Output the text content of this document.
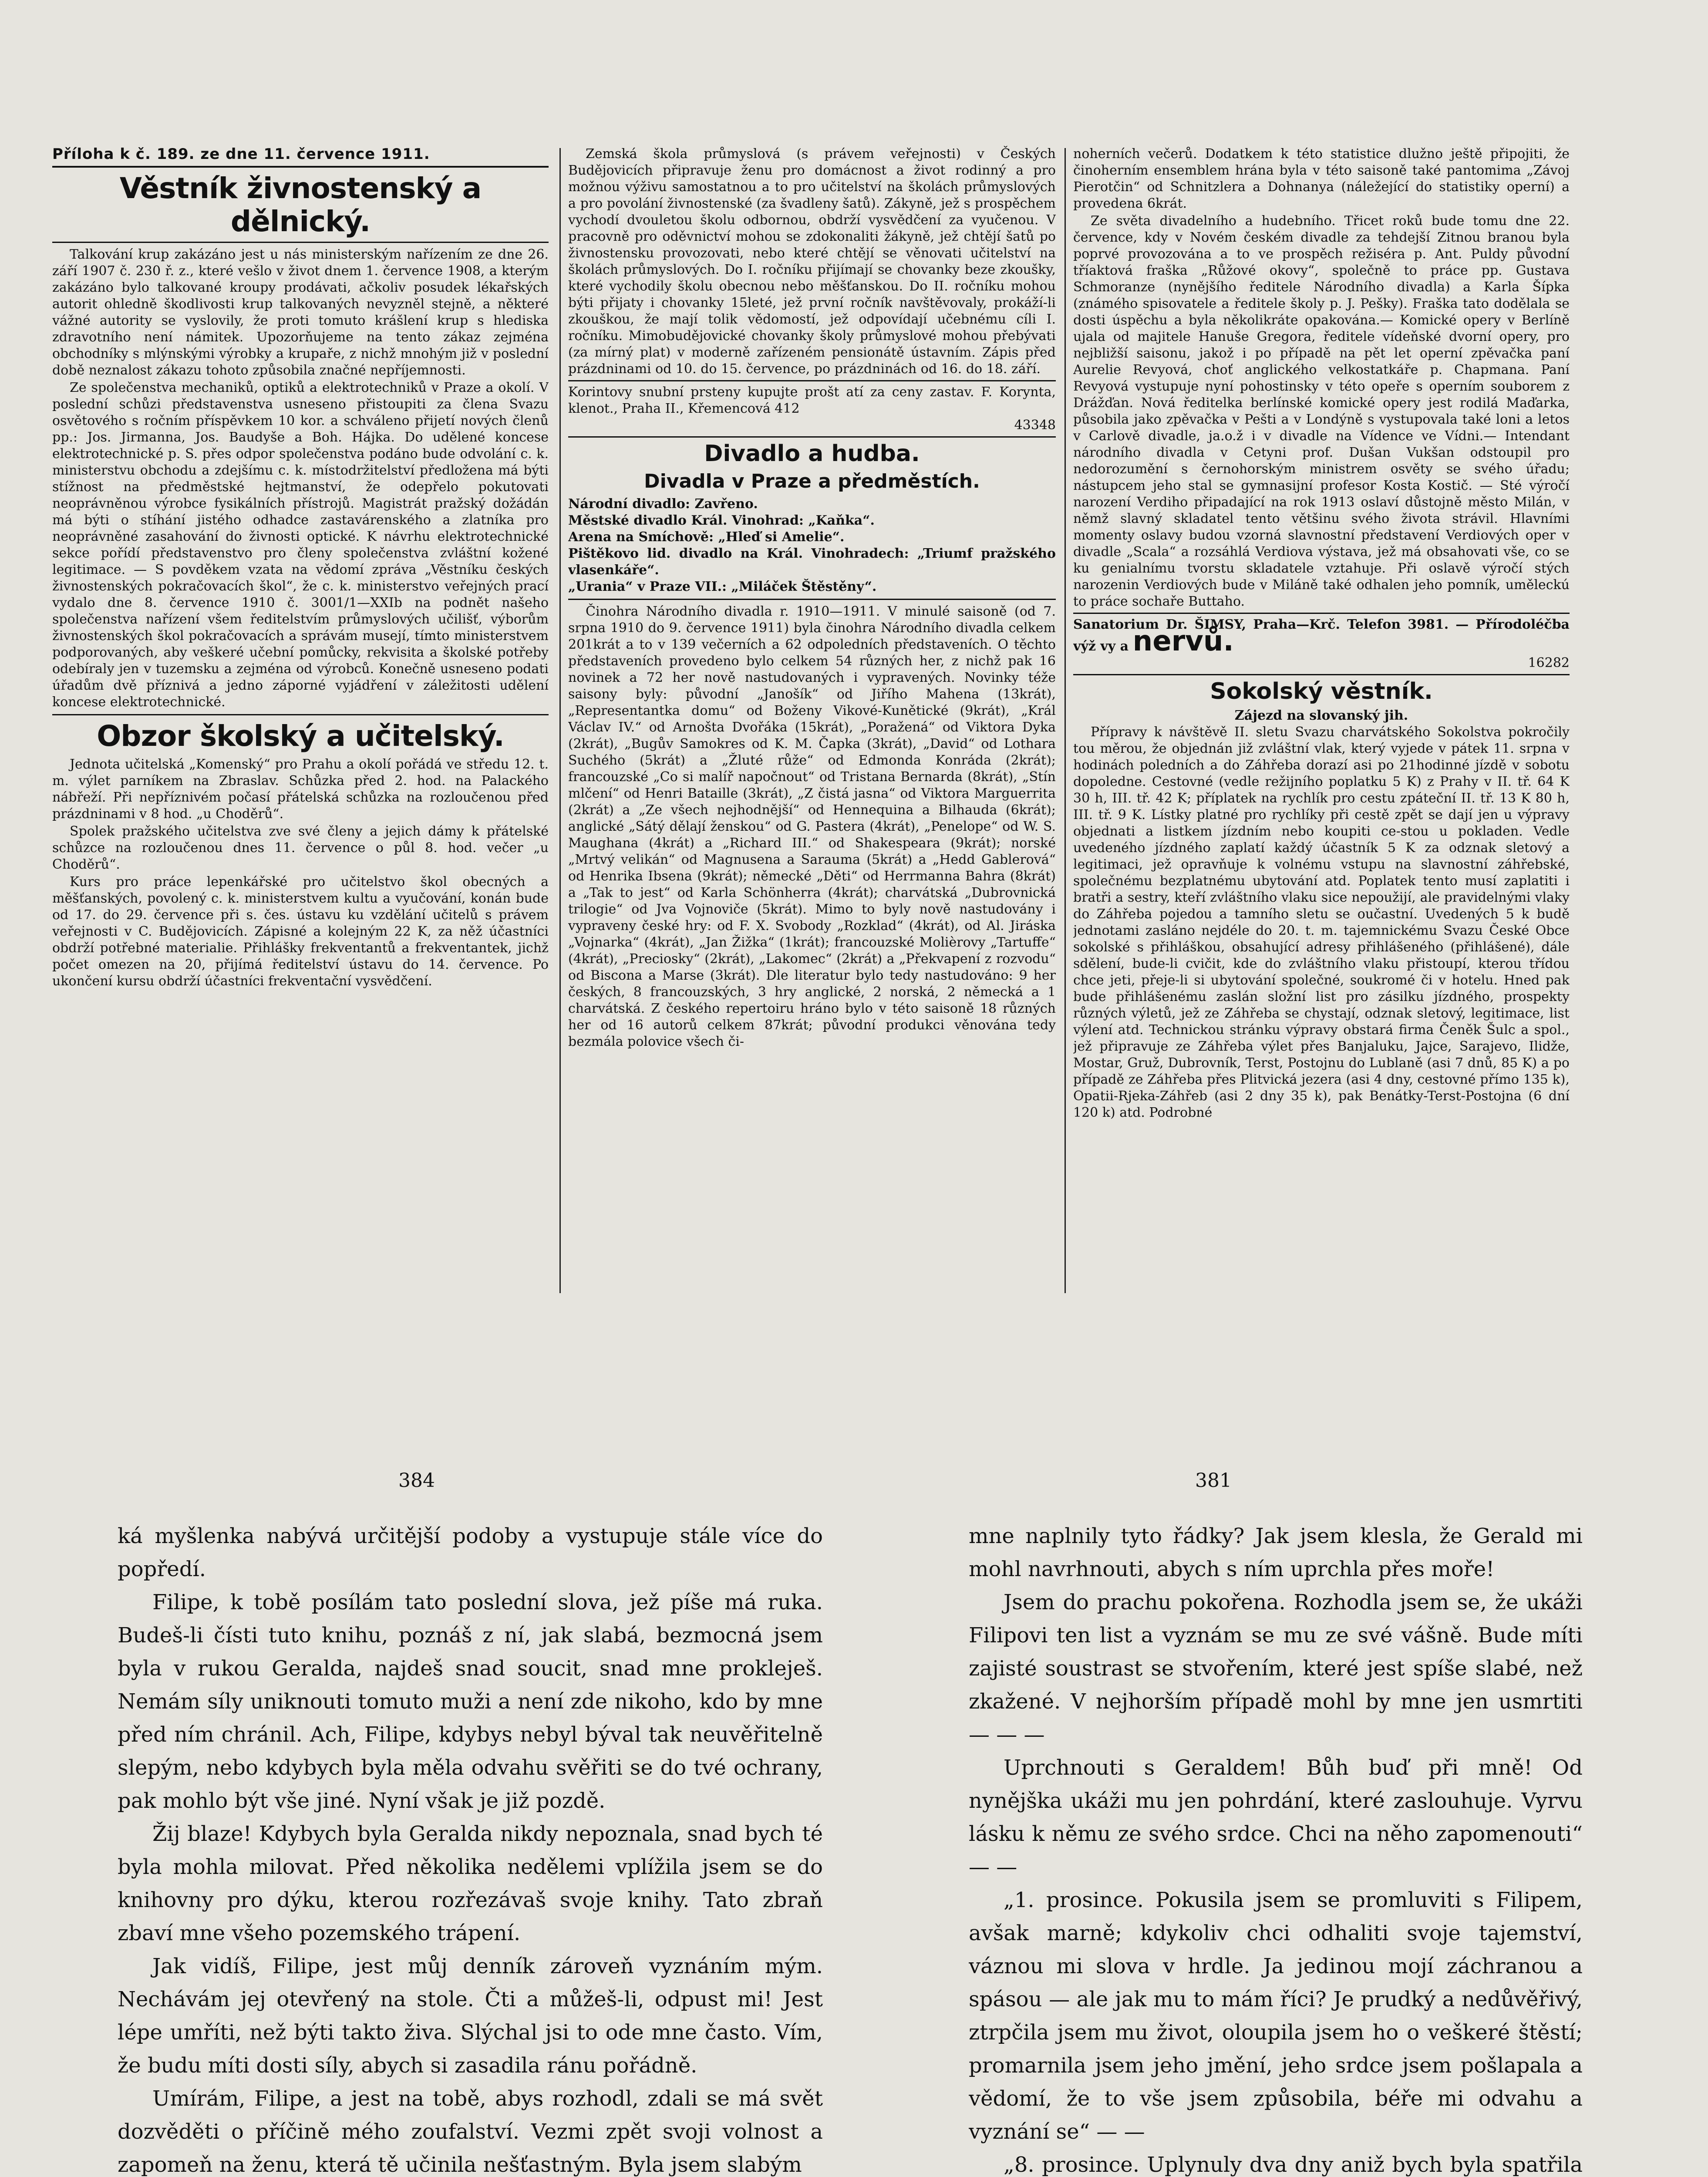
Příloha k č. 189. ze dne 11. července 1911.
Věstník živnostenský a dělnický.

Talkování krup zakázáno jest u nás ministerským nařízením ze dne 26. září 1907 č. 230 ř. z., které vešlo v život dnem 1. července 1908, a kterým zakázáno bylo talkované kroupy prodávati, ačkoliv posudek lékařských autorit ohledně škodlivosti krup talkovaných nevyzněl stejně, a některé vážné autority se vyslovily, že proti tomuto krášlení krup s hlediska zdravotního není námitek. Upozorňujeme na tento zákaz zejména obchodníky s mlýnskými výrobky a krupaře, z nichž mnohým již v poslední době neznalost zákazu tohoto způsobila značné nepříjemnosti.

Ze společenstva mechaniků, optiků a elektrotechniků v Praze a okolí. V poslední schůzi představenstva usneseno přistoupiti za člena Svazu osvětového s ročním příspěvkem 10 kor. a schváleno přijetí nových členů pp.: Jos. Jirmanna, Jos. Baudyše a Boh. Hájka. Do udělené koncese elektrotechnické p. S. přes odpor společenstva podáno bude odvolání c. k. ministerstvu obchodu a zdejšímu c. k. místodržitelství předložena má býti stížnost na předměstské hejtmanství, že odepřelo pokutovati neoprávněnou výrobce fysikálních přístrojů. Magistrát pražský dožádán má býti o stíhání jistého odhadce zastavárenského a zlatníka pro neoprávněné zasahování do živnosti optické. K návrhu elektrotechnické sekce pořídí představenstvo pro členy společenstva zvláštní kožené legitimace. — S povděkem vzata na vědomí zpráva „Věstníku českých živnostenských pokračovacích škol“, že c. k. ministerstvo veřejných prací vydalo dne 8. července 1910 č. 3001/1—XXIb na podnět našeho společenstva nařízení všem ředitelstvím průmyslových učilišť, výborům živnostenských škol pokračovacích a správám musejí, tímto ministerstvem podporovaných, aby veškeré učební pomůcky, rekvisita a školské potřeby odebíraly jen v tuzemsku a zejména od výrobců. Konečně usneseno podati úřadům dvě příznivá a jedno záporné vyjádření v záležitosti udělení koncese elektrotechnické.

Obzor školský a učitelský.

Jednota učitelská „Komenský“ pro Prahu a okolí pořádá ve středu 12. t. m. výlet parníkem na Zbraslav. Schůzka před 2. hod. na Palackého nábřeží. Při nepříznivém počasí přátelská schůzka na rozloučenou před prázdninami v 8 hod. „u Choděrů“.

Spolek pražského učitelstva zve své členy a jejich dámy k přátelské schůzce na rozloučenou dnes 11. července o půl 8. hod. večer „u Choděrů“.

Kurs pro práce lepenkářské pro učitelstvo škol obecných a měšťanských, povolený c. k. ministerstvem kultu a vyučování, konán bude od 17. do 29. července při s. čes. ústavu ku vzdělání učitelů s právem veřejnosti v C. Budějovicích. Zápisné a kolejným 22 K, za něž účastníci obdrží potřebné materialie. Přihlášky frekventantů a frekventantek, jichž počet omezen na 20, přijímá ředitelství ústavu do 14. července. Po ukončení kursu obdrží účastníci frekventační vysvědčení.

Zemská škola průmyslová (s právem veřejnosti) v Českých Budějovicích připravuje ženu pro domácnost a život rodinný a pro možnou výživu samostatnou a to pro učitelství na školách průmyslových a pro povolání živnostenské (za švadleny šatů). Zákyně, jež s prospěchem vychodí dvouletou školu odbornou, obdrží vysvědčení za vyučenou. V pracovně pro oděvnictví mohou se zdokonaliti žákyně, jež chtějí šatů po živnostensku provozovati, nebo které chtějí se věnovati učitelství na školách průmyslových. Do I. ročníku přijímají se chovanky beze zkoušky, které vychodily školu obecnou nebo měšťanskou. Do II. ročníku mohou býti přijaty i chovanky 15leté, jež první ročník navštěvovaly, prokáží-li zkouškou, že mají tolik vědomostí, jež odpovídají učebnému cíli I. ročníku. Mimobudějovické chovanky školy průmyslové mohou přebývati (za mírný plat) v moderně zařízeném pensionátě ústavním. Zápis před prázdninami od 10. do 15. července, po prázdninách od 16. do 18. září.

Korintovy snubní prsteny kupujte prošt atí za ceny zastav. F. Korynta, klenot., Praha II., Křemencová 412
43348
Divadlo a hudba.
Divadla v Praze a předměstích.
Národní divadlo: Zavřeno.
Městské divadlo Král. Vinohrad: „Kaňka“.
Arena na Smíchově: „Hleď si Amelie“.
Pištěkovo lid. divadlo na Král. Vinohradech: „Triumf pražského vlasenkáře“.
„Urania“ v Praze VII.: „Miláček Štěstěny“.

Činohra Národního divadla r. 1910—1911. V minulé saisoně (od 7. srpna 1910 do 9. července 1911) byla činohra Národního divadla celkem 201krát a to v 139 večerních a 62 odpoledních představeních. O těchto představeních provedeno bylo celkem 54 různých her, z nichž pak 16 novinek a 72 her nově nastudovaných i vypravených. Novinky téže saisony byly: původní „Janošík“ od Jiřího Mahena (13krát), „Representantka domu“ od Boženy Vikové-Kunětické (9krát), „Král Václav IV.“ od Arnošta Dvořáka (15krát), „Poražená“ od Viktora Dyka (2krát), „Bugův Samokres od K. M. Čapka (3krát), „David“ od Lothara Suchého (5krát) a „Žluté růže“ od Edmonda Konráda (2krát); francouzské „Co si malíř napočnout“ od Tristana Bernarda (8krát), „Stín mlčení“ od Henri Bataille (3krát), „Z čistá jasna“ od Viktora Marguerrita (2krát) a „Ze všech nejhodnější“ od Hennequina a Bilhauda (6krát); anglické „Sátý dělají ženskou“ od G. Pastera (4krát), „Penelope“ od W. S. Maughana (4krát) a „Richard III.“ od Shakespeara (9krát); norské „Mrtvý velikán“ od Magnusena a Sarauma (5krát) a „Hedd Gablerová“ od Henrika Ibsena (9krát); německé „Děti“ od Herrmanna Bahra (8krát) a „Tak to jest“ od Karla Schönherra (4krát); charvátská „Dubrovnická trilogie“ od Jva Vojnoviče (5krát). Mimo to byly nově nastudovány i vypraveny české hry: od F. X. Svobody „Rozklad“ (4krát), od Al. Jiráska „Vojnarka“ (4krát), „Jan Žižka“ (1krát); francouzské Molièrovy „Tartuffe“ (4krát), „Preciosky“ (2krát), „Lakomec“ (2krát) a „Překvapení z rozvodu“ od Biscona a Marse (3krát). Dle literatur bylo tedy nastudováno: 9 her českých, 8 francouzských, 3 hry anglické, 2 norská, 2 německá a 1 charvátská. Z českého repertoiru hráno bylo v této saisoně 18 různých her od 16 autorů celkem 87krát; původní produkci věnována tedy bezmála polovice všech či-

noherních večerů. Dodatkem k této statistice dlužno ještě připojiti, že činoherním ensemblem hrána byla v této saisoně také pantomima „Závoj Pierotčin“ od Schnitzlera a Dohnanya (náležející do statistiky operní) a provedena 6krát.

Ze světa divadelního a hudebního. Třicet roků bude tomu dne 22. července, kdy v Novém českém divadle za tehdejší Zitnou branou byla poprvé provozována a to ve prospěch režiséra p. Ant. Puldy původní tříaktová fraška „Růžové okovy“, společně to práce pp. Gustava Schmoranze (nynějšího ředitele Národního divadla) a Karla Šípka (známého spisovatele a ředitele školy p. J. Pešky). Fraška tato dodělala se dosti úspěchu a byla několikráte opakována.— Komické opery v Berlíně ujala od majitele Hanuše Gregora, ředitele vídeňské dvorní opery, pro nejbližší saisonu, jakož i po případě na pět let operní zpěvačka paní Aurelie Revyová, choť anglického velkostatkáře p. Chapmana. Paní Revyová vystupuje nyní pohostinsky v této opeře s operním souborem z Drážďan. Nová ředitelka berlínské komické opery jest rodilá Maďarka, působila jako zpěvačka v Pešti a v Londýně s vystupovala také loni a letos v Carlově divadle, ja.o.ž i v divadle na Vídence ve Vídni.— Intendant národního divadla v Cetyni prof. Dušan Vukšan odstoupil pro nedorozumění s černohorským ministrem osvěty se svého úřadu; nástupcem jeho stal se gymnasijní profesor Kosta Kostič. — Sté výročí narození Verdiho připadající na rok 1913 oslaví důstojně město Milán, v němž slavný skladatel tento většinu svého života strávil. Hlavními momenty oslavy budou vzorná slavnostní představení Verdiových oper v divadle „Scala“ a rozsáhlá Verdiova výstava, jež má obsahovati vše, co se ku genialnímu tvorstu skladatele vztahuje. Při oslavě výročí stých narozenin Verdiových bude v Miláně také odhalen jeho pomník, uměleckú to práce sochaře Buttaho.

Sanatorium Dr. ŠIMSY, Praha—Krč. Telefon 3981. — Přírodoléčba výž vy a nervů.
16282
Sokolský věstník.
Zájezd na slovanský jih.

Přípravy k návštěvě II. sletu Svazu charvátského Sokolstva pokročily tou měrou, že objednán již zvláštní vlak, který vyjede v pátek 11. srpna v hodinách poledních a do Záhřeba dorazí asi po 21hodinné jízdě v sobotu dopoledne. Cestovné (vedle režijního poplatku 5 K) z Prahy v II. tř. 64 K 30 h, III. tř. 42 K; příplatek na rychlík pro cestu zpáteční II. tř. 13 K 80 h, III. tř. 9 K. Lístky platné pro rychlíky při cestě zpět se dají jen u výpravy objednati a listkem jízdním nebo koupiti ce-stou u pokladen. Vedle uvedeného jízdného zaplatí každý účastník 5 K za odznak sletový a legitimaci, jež opravňuje k volnému vstupu na slavnostní záhřebské, společnému bezplatnému ubytování atd. Poplatek tento musí zaplatiti i bratři a sestry, kteří zvláštního vlaku sice nepoužijí, ale pravidelnými vlaky do Záhřeba pojedou a tamního sletu se oučastní. Uvedených 5 k budě jednotami zasláno nejdéle do 20. t. m. tajemnickému Svazu České Obce sokolské s přihláškou, obsahující adresy přihlášeného (přihlášené), dále sdělení, bude-li cvičit, kde do zvláštního vlaku přistoupí, kterou třídou chce jeti, přeje-li si ubytování společné, soukromé či v hotelu. Hned pak bude přihlášenému zaslán složní list pro zásilku jízdného, prospekty různých výletů, jež ze Záhřeba se chystají, odznak sletový, legitimace, list výlení atd. Technickou stránku výpravy obstará firma Čeněk Šulc a spol., jež připravuje ze Záhřeba výlet přes Banjaluku, Jajce, Sarajevo, Ilidže, Mostar, Gruž, Dubrovník, Terst, Postojnu do Lublaně (asi 7 dnů, 85 K) a po případě ze Záhřeba přes Plitvická jezera (asi 4 dny, cestovné přímo 135 k), Opatii-Rjeka-Záhřeb (asi 2 dny 35 k), pak Benátky-Terst-Postojna (6 dní 120 k) atd. Podrobné

384	381

ká myšlenka nabývá určitější podoby a vystupuje stále více do popředí.

Filipe, k tobě posílám tato poslední slova, jež píše má ruka. Budeš-li čísti tuto knihu, poznáš z ní, jak slabá, bezmocná jsem byla v rukou Geralda, najdeš snad soucit, snad mne prokleješ. Nemám síly uniknouti tomuto muži a není zde nikoho, kdo by mne před ním chránil. Ach, Filipe, kdybys nebyl býval tak neuvěřitelně slepým, nebo kdybych byla měla odvahu svěřiti se do tvé ochrany, pak mohlo být vše jiné. Nyní však je již pozdě.

Žij blaze! Kdybych byla Geralda nikdy nepoznala, snad bych té byla mohla milovat. Před několika nedělemi vplížila jsem se do knihovny pro dýku, kterou rozřezávaš svoje knihy. Tato zbraň zbaví mne všeho pozemského trápení.

Jak vidíš, Filipe, jest můj denník zároveň vyznáním mým. Nechávám jej otevřený na stole. Čti a můžeš-li, odpust mi! Jest lépe umříti, než býti takto živa. Slýchal jsi to ode mne často. Vím, že budu míti dosti síly, abych si zasadila ránu pořádně.

Umírám, Filipe, a jest na tobě, abys rozhodl, zdali se má svět dozvěděti o příčině mého zoufalství. Vezmi zpět svoji volnost a zapomeň na ženu, která tě učinila nešťastným. Byla jsem slabým

mne naplnily tyto řádky? Jak jsem klesla, že Gerald mi mohl navrhnouti, abych s ním uprchla přes moře!

Jsem do prachu pokořena. Rozhodla jsem se, že ukáži Filipovi ten list a vyznám se mu ze své vášně. Bude míti zajisté soustrast se stvořením, které jest spíše slabé, než zkažené. V nejhorším případě mohl by mne jen usmrtiti — — —

Uprchnouti s Geraldem! Bůh buď při mně! Od nynějška ukáži mu jen pohrdání, které zaslouhuje. Vyrvu lásku k němu ze svého srdce. Chci na něho zapomenouti“ — —

„1. prosince. Pokusila jsem se promluviti s Filipem, avšak marně; kdykoliv chci odhaliti svoje tajemství, váznou mi slova v hrdle. Ja jedinou mojí záchranou a spásou — ale jak mu to mám říci? Je prudký a nedůvěřivý, ztrpčila jsem mu život, oloupila jsem ho o veškeré štěstí; promarnila jsem jeho jmění, jeho srdce jsem pošlapala a vědomí, že to vše jsem způsobila, béře mi odvahu a vyznání se“ — —

„8. prosince. Uplynuly dva dny aniž bych byla spatřila
